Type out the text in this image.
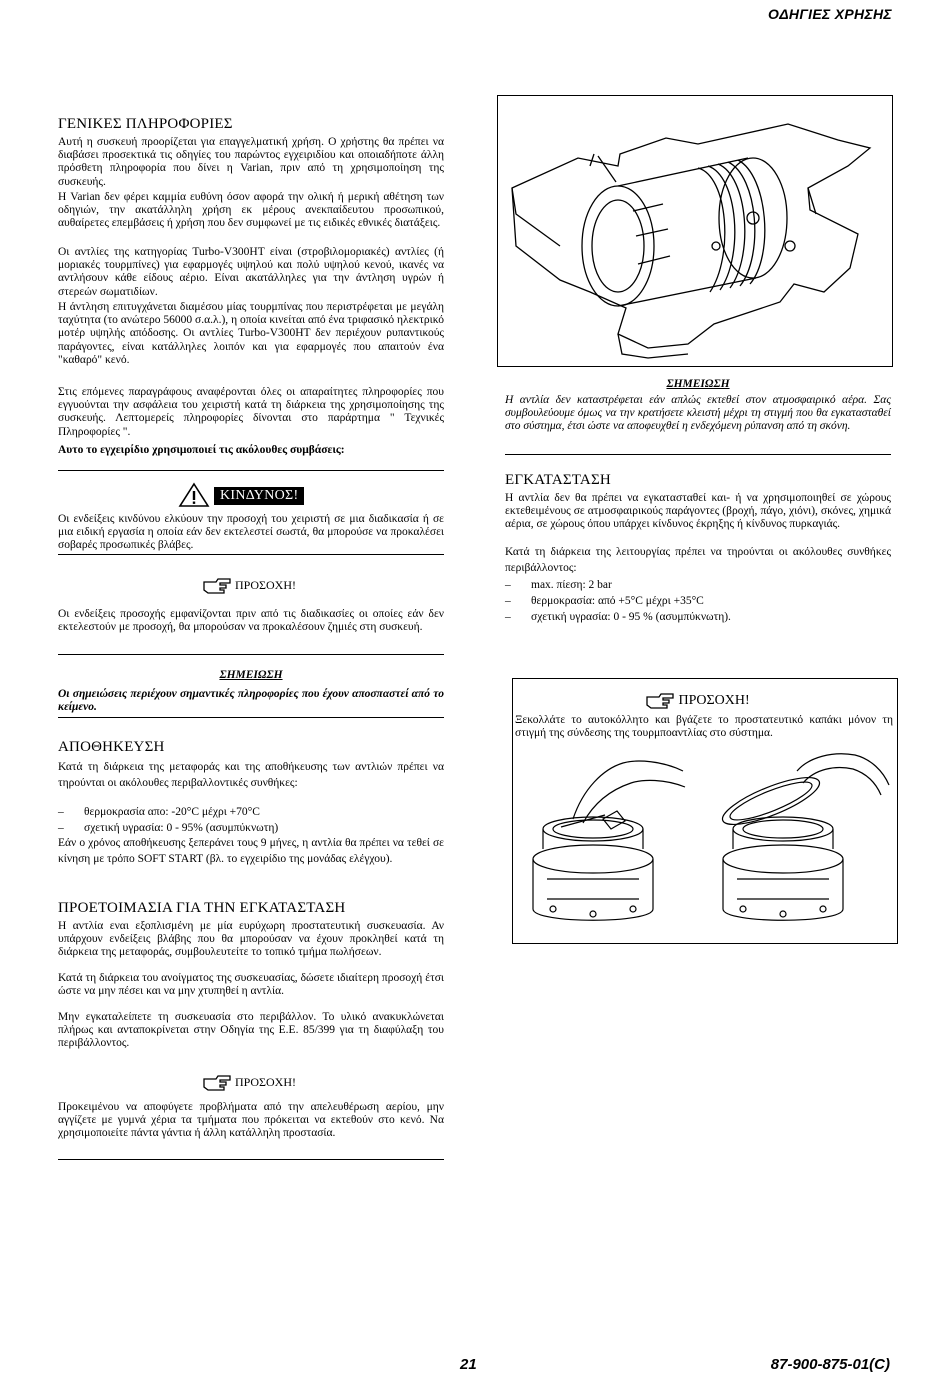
ΟΔΗΓΙΕΣ ΧΡΗΣΗΣ
ΓΕΝΙΚΕΣ ΠΛΗΡΟΦΟΡΙΕΣ

Αυτή η συσκευή προορίζεται για επαγγελματική χρήση. Ο χρήστης θα πρέπει να διαβάσει προσεκτικά τις οδηγίες του παρώντος εγχειριδίου και οποιαδήποτε άλλη πρόσθετη πληροφορία που δίνει η Varian, πριν από τη χρησιμοποίηση της συσκευής.

Η Varian δεν φέρει καμμία ευθύνη όσον αφορά την ολική ή μερική αθέτηση των οδηγιών, την ακατάλληλη χρήση εκ μέρους ανεκπαίδευτου προσωπικού, αυθαίρετες επεμβάσεις ή χρήση που δεν συμφωνεί με τις ειδικές εθνικές διατάξεις.

Οι αντλίες της κατηγορίας Turbo-V300HT είναι (στροβιλομοριακές) αντλίες (ή μοριακές τουρμπίνες) για εφαρμογές υψηλού και πολύ υψηλού κενού, ικανές να αντλήσουν κάθε είδους αέριο. Είναι ακατάλληλες για την άντληση υγρών ή στερεών σωματιδίων.

Η άντληση επιτυγχάνεται διαμέσου μίας τουρμπίνας που περιστρέφεται με μεγάλη ταχύτητα (το ανώτερο 56000 σ.α.λ.), η οποία κινείται από ένα τριφασικό ηλεκτρικό μοτέρ υψηλής απόδοσης. Οι αντλίες Turbo-V300HT δεν περιέχουν ρυπαντικούς παράγοντες, είναι κατάλληλες λοιπόν και για εφαρμογές που απαιτούν ένα "καθαρό" κενό.

Στις επόμενες παραγράφους αναφέρονται όλες οι απαραίτητες πληροφορίες που εγγυούνται την ασφάλεια του χειριστή κατά τη διάρκεια της χρησιμοποίησης της συσκευής. Λεπτομερείς πληροφορίες δίνονται στο παράρτημα " Τεχνικές Πληροφορίες ".

Αυτο το εγχειρίδιο χρησιμοποιεί τις ακόλουθες συμβάσεις:
ΚΙΝΔΥΝΟΣ!

Οι ενδείξεις κινδύνου ελκύουν την προσοχή του χειριστή σε μια διαδικασία ή σε μια ειδική εργασία η οποία εάν δεν εκτελεστεί σωστά, θα μπορούσε να προκαλέσει σοβαρές προσωπικές βλάβες.

ΠΡΟΣΟΧΗ!

Οι ενδείξεις προσοχής εμφανίζονται πριν από τις διαδικασίες οι οποίες εάν δεν εκτελεστούν με προσοχή, θα μπορούσαν να προκαλέσουν ζημιές στη συσκευή.

ΣΗΜΕΙΩΣΗ

Οι σημειώσεις περιέχουν σημαντικές πληροφορίες που έχουν αποσπαστεί από το κείμενο.

ΑΠΟΘΗΚΕΥΣΗ

Κατά τη διάρκεια της μεταφοράς και της αποθήκευσης των αντλιών πρέπει να τηρούνται οι ακόλουθες περιβαλλοντικές συνθήκες:

– θερμοκρασία απο: -20°C μέχρι +70°C
– σχετική υγρασία: 0 - 95% (ασυμπύκνωτη)

Εάν ο χρόνος αποθήκευσης ξεπεράνει τους 9 μήνες, η αντλία θα πρέπει να τεθεί σε κίνηση με τρόπο SOFT START (βλ. το εγχειρίδιο της μονάδας ελέγχου).

ΠΡΟΕΤΟΙΜΑΣΙΑ ΓΙΑ ΤΗΝ ΕΓΚΑΤΑΣΤΑΣΗ

Η αντλία εναι εξοπλισμένη με μία ευρύχωρη προστατευτική συσκευασία. Αν υπάρχουν ενδείξεις βλάβης που θα μπορούσαν να έχουν προκληθεί κατά τη διάρκεια της μεταφοράς, συμβουλευτείτε το τοπικό τμήμα πωλήσεων.

Κατά τη διάρκεια του ανοίγματος της συσκευασίας, δώσετε ιδιαίτερη προσοχή έτσι ώστε να μην πέσει και να μην χτυπηθεί η αντλία.

Μην εγκαταλείπετε τη συσκευασία στο περιβάλλον. Το υλικό ανακυκλώνεται πλήρως και ανταποκρίνεται στην Οδηγία της Ε.Ε. 85/399 για τη διαφύλαξη του περιβάλλοντος.

ΠΡΟΣΟΧΗ!

Προκειμένου να αποφύγετε προβλήματα από την απελευθέρωση αερίου, μην αγγίζετε με γυμνά χέρια τα τμήματα που πρόκειται να εκτεθούν στο κενό. Να χρησιμοποιείτε πάντα γάντια ή άλλη κατάλληλη προστασία.

ΣΗΜΕΙΩΣΗ

Η αντλία δεν καταστρέφεται εάν απλώς εκτεθεί στον ατμοσφαιρικό αέρα. Σας συμβουλεύουμε όμως να την κρατήσετε κλειστή μέχρι τη στιγμή που θα εγκατασταθεί στο σύστημα, έτσι ώστε να αποφευχθεί η ενδεχόμενη ρύπανση από τη σκόνη.

ΕΓΚΑΤΑΣΤΑΣΗ

Η αντλία δεν θα πρέπει να εγκατασταθεί και- ή να χρησιμοποιηθεί σε χώρους εκτεθειμένους σε ατμοσφαιρικούς παράγοντες (βροχή, πάγο, χιόνι), σκόνες, χημικά αέρια, σε χώρους όπου υπάρχει κίνδυνος έκρηξης ή κίνδυνος πυρκαγιάς.

Κατά τη διάρκεια της λειτουργίας πρέπει να τηρούνται οι ακόλουθες συνθήκες περιβάλλοντος:

– max. πίεση: 2 bar
– θερμοκρασία: από +5°C μέχρι +35°C
– σχετική υγρασία: 0 - 95 % (ασυμπύκνωτη).
ΠΡΟΣΟΧΗ!

Ξεκολλάτε το αυτοκόλλητο και βγάζετε το προστατευτικό καπάκι μόνον τη στιγμή της σύνδεσης της τουρμποαντλίας στο σύστημα.

21	87-900-875-01(C)
